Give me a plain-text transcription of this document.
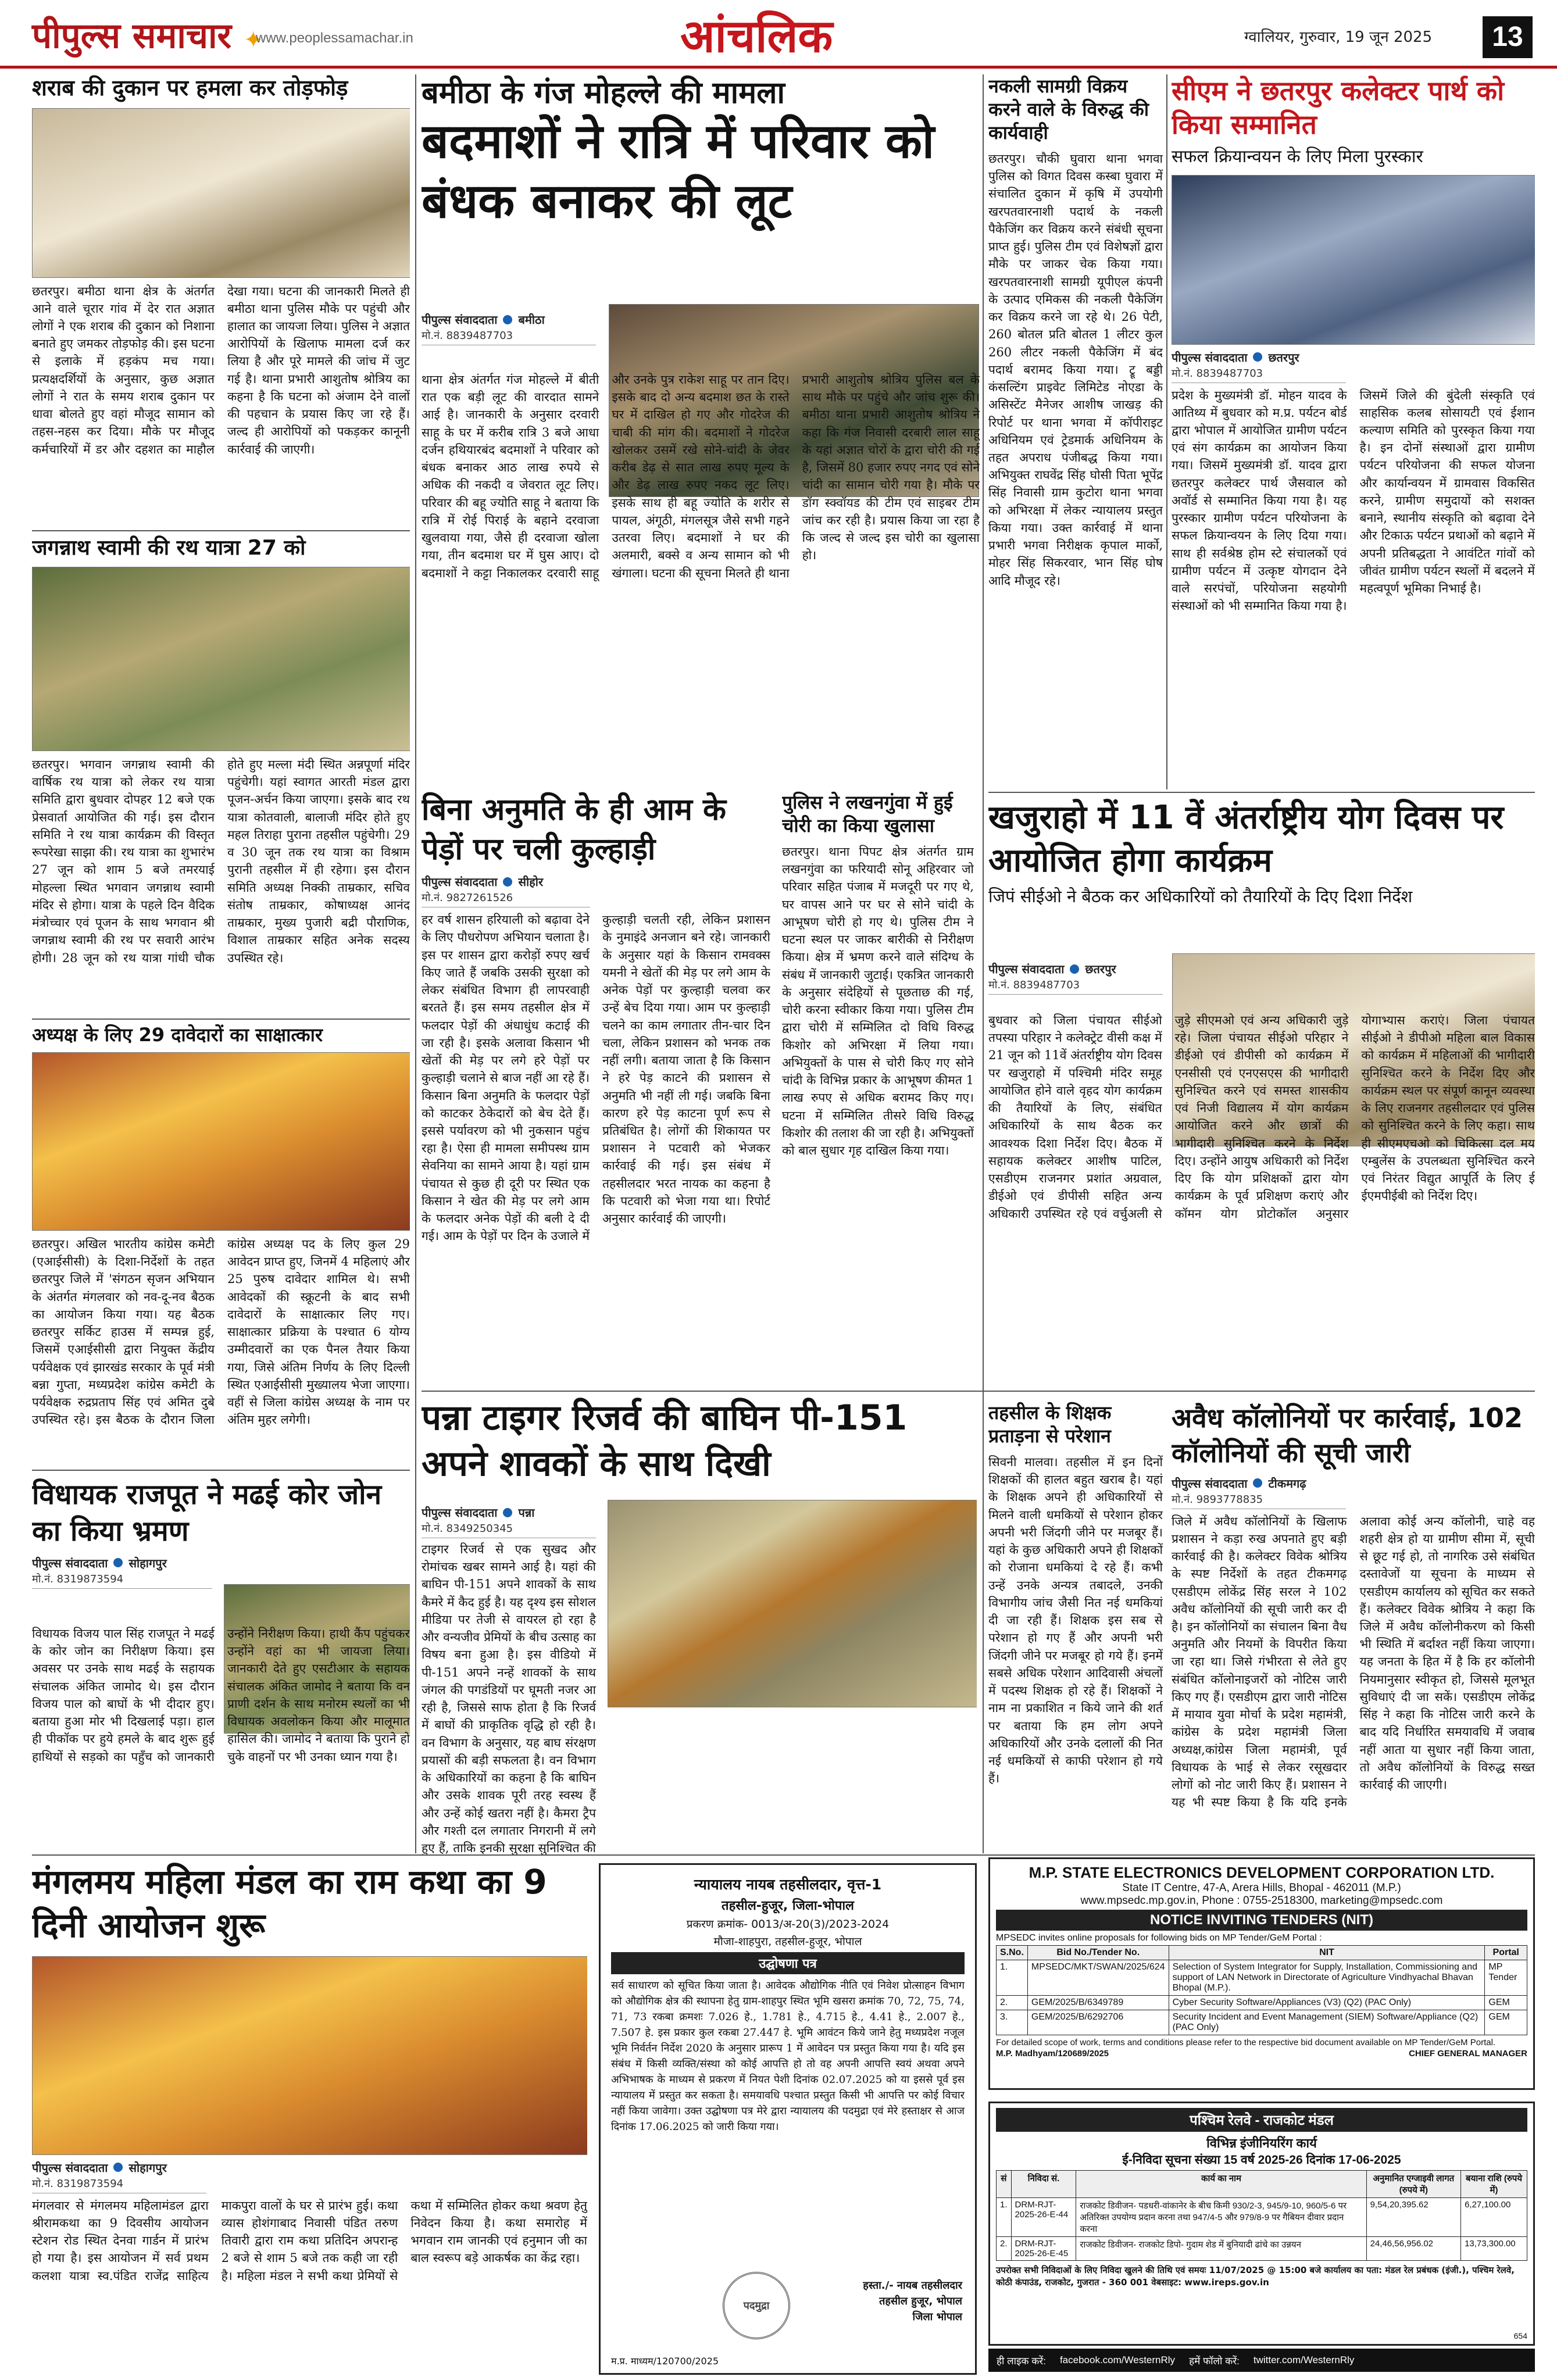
पीपुल्स समाचार ✦
www.peoplessamachar.in	आंचलिक	ग्वालियर, गुरुवार, 19 जून 2025	13
शराब की दुकान पर हमला कर तोड़फोड़
छतरपुर। बमीठा थाना क्षेत्र के अंतर्गत आने वाले चूरार गांव में देर रात अज्ञात लोगों ने एक शराब की दुकान को निशाना बनाते हुए जमकर तोड़फोड़ की। इस घटना से इलाके में हड़कंप मच गया। प्रत्यक्षदर्शियों के अनुसार, कुछ अज्ञात लोगों ने रात के समय शराब दुकान पर धावा बोलते हुए वहां मौजूद सामान को तहस-नहस कर दिया। मौके पर मौजूद कर्मचारियों में डर और दहशत का माहौल देखा गया। घटना की जानकारी मिलते ही बमीठा थाना पुलिस मौके पर पहुंची और हालात का जायजा लिया। पुलिस ने अज्ञात आरोपियों के खिलाफ मामला दर्ज कर लिया है और पूरे मामले की जांच में जुट गई है। थाना प्रभारी आशुतोष श्रोत्रिय का कहना है कि घटना को अंजाम देने वालों की पहचान के प्रयास किए जा रहे हैं। जल्द ही आरोपियों को पकड़कर कानूनी कार्रवाई की जाएगी।
बमीठा के गंज मोहल्ले की मामला
बदमाशों ने रात्रि में परिवार को बंधक बनाकर की लूट
पीपुल्स संवाददाता बमीठा
मो.नं. 8839487703
थाना क्षेत्र अंतर्गत गंज मोहल्ले में बीती रात एक बड़ी लूट की वारदात सामने आई है। जानकारी के अनुसार दरवारी साहू के घर में करीब रात्रि 3 बजे आधा दर्जन हथियारबंद बदमाशों ने परिवार को बंधक बनाकर आठ लाख रुपये से अधिक की नकदी व जेवरात लूट लिए। परिवार की बहू ज्योति साहू ने बताया कि रात्रि में रोई पिराई के बहाने दरवाजा खुलवाया गया, जैसे ही दरवाजा खोला गया, तीन बदमाश घर में घुस आए। दो बदमाशों ने कट्टा निकालकर दरवारी साहू और उनके पुत्र राकेश साहू पर तान दिए। इसके बाद दो अन्य बदमाश छत के रास्ते घर में दाखिल हो गए और गोदरेज की चाबी की मांग की। बदमाशों ने गोदरेज खोलकर उसमें रखे सोने-चांदी के जेवर करीब डेढ़ से सात लाख रुपए मूल्य के और डेढ़ लाख रुपए नकद लूट लिए। इसके साथ ही बहू ज्योति के शरीर से पायल, अंगूठी, मंगलसूत्र जैसे सभी गहने उतरवा लिए। बदमाशों ने घर की अलमारी, बक्से व अन्य सामान को भी खंगाला। घटना की सूचना मिलते ही थाना प्रभारी आशुतोष श्रोत्रिय पुलिस बल के साथ मौके पर पहुंचे और जांच शुरू की। बमीठा थाना प्रभारी आशुतोष श्रोत्रिय ने कहा कि गंज निवासी दरबारी लाल साहू के यहां अज्ञात चोरों के द्वारा चोरी की गई है, जिसमें 80 हजार रुपए नगद एवं सोने चांदी का सामान चोरी गया है। मौके पर डॉग स्क्वॉयड की टीम एवं साइबर टीम जांच कर रही है। प्रयास किया जा रहा है कि जल्द से जल्द इस चोरी का खुलासा हो।
नकली सामग्री विक्रय करने वाले के विरुद्ध की कार्यवाही
छतरपुर। चौकी घुवारा थाना भगवा पुलिस को विगत दिवस कस्बा घुवारा में संचालित दुकान में कृषि में उपयोगी खरपतवारनाशी पदार्थ के नकली पैकेजिंग कर विक्रय करने संबंधी सूचना प्राप्त हुई। पुलिस टीम एवं विशेषज्ञों द्वारा मौके पर जाकर चेक किया गया। खरपतवारनाशी सामग्री यूपीएल कंपनी के उत्पाद एमिकस की नकली पैकेजिंग कर विक्रय करने जा रहे थे। 26 पेटी, 260 बोतल प्रति बोतल 1 लीटर कुल 260 लीटर नकली पैकेजिंग में बंद पदार्थ बरामद किया गया। ट्रू बड्डी कंसल्टिंग प्राइवेट लिमिटेड नोएडा के असिस्टेंट मैनेजर आशीष जाखड़ की रिपोर्ट पर थाना भगवा में कॉपीराइट अधिनियम एवं ट्रेडमार्क अधिनियम के तहत अपराध पंजीबद्ध किया गया। अभियुक्त राघवेंद्र सिंह घोसी पिता भूपेंद्र सिंह निवासी ग्राम कुटोरा थाना भगवा को अभिरक्षा में लेकर न्यायालय प्रस्तुत किया गया। उक्त कार्रवाई में थाना प्रभारी भगवा निरीक्षक कृपाल मार्को, मोहर सिंह सिकरवार, भान सिंह घोष आदि मौजूद रहे।
सीएम ने छतरपुर कलेक्टर पार्थ को किया सम्मानित
सफल क्रियान्वयन के लिए मिला पुरस्कार
पीपुल्स संवाददाता छतरपुर
मो.नं. 8839487703
प्रदेश के मुख्यमंत्री डॉ. मोहन यादव के आतिथ्य में बुधवार को म.प्र. पर्यटन बोर्ड द्वारा भोपाल में आयोजित ग्रामीण पर्यटन एवं संग कार्यक्रम का आयोजन किया गया। जिसमें मुख्यमंत्री डॉ. यादव द्वारा छतरपुर कलेक्टर पार्थ जैसवाल को अवॉर्ड से सम्मानित किया गया है। यह पुरस्कार ग्रामीण पर्यटन परियोजना के सफल क्रियान्वयन के लिए दिया गया। साथ ही सर्वश्रेष्ठ होम स्टे संचालकों एवं ग्रामीण पर्यटन में उत्कृष्ट योगदान देने वाले सरपंचों, परियोजना सहयोगी संस्थाओं को भी सम्मानित किया गया है। जिसमें जिले की बुंदेली संस्कृति एवं साहसिक कलब सोसायटी एवं ईशान कल्याण समिति को पुरस्कृत किया गया है। इन दोनों संस्थाओं द्वारा ग्रामीण पर्यटन परियोजना की सफल योजना और कार्यान्वयन में ग्रामवास विकसित करने, ग्रामीण समुदायों को सशक्त बनाने, स्थानीय संस्कृति को बढ़ावा देने और टिकाऊ पर्यटन प्रथाओं को बढ़ाने में अपनी प्रतिबद्धता ने आवंटित गांवों को जीवंत ग्रामीण पर्यटन स्थलों में बदलने में महत्वपूर्ण भूमिका निभाई है।
जगन्नाथ स्वामी की रथ यात्रा 27 को
छतरपुर। भगवान जगन्नाथ स्वामी की वार्षिक रथ यात्रा को लेकर रथ यात्रा समिति द्वारा बुधवार दोपहर 12 बजे एक प्रेसवार्ता आयोजित की गई। इस दौरान समिति ने रथ यात्रा कार्यक्रम की विस्तृत रूपरेखा साझा की। रथ यात्रा का शुभारंभ 27 जून को शाम 5 बजे तमरयाई मोहल्ला स्थित भगवान जगन्नाथ स्वामी मंदिर से होगा। यात्रा के पहले दिन वैदिक मंत्रोच्चार एवं पूजन के साथ भगवान श्री जगन्नाथ स्वामी की रथ पर सवारी आरंभ होगी। 28 जून को रथ यात्रा गांधी चौक होते हुए मल्ला मंदी स्थित अन्नपूर्णा मंदिर पहुंचेगी। यहां स्वागत आरती मंडल द्वारा पूजन-अर्चन किया जाएगा। इसके बाद रथ यात्रा कोतवाली, बालाजी मंदिर होते हुए महल तिराहा पुराना तहसील पहुंचेगी। 29 व 30 जून तक रथ यात्रा का विश्राम पुरानी तहसील में ही रहेगा। इस दौरान समिति अध्यक्ष निक्की ताम्रकार, सचिव संतोष ताम्रकार, कोषाध्यक्ष आनंद ताम्रकार, मुख्य पुजारी बद्री पौराणिक, विशाल ताम्रकार सहित अनेक सदस्य उपस्थित रहे।
बिना अनुमति के ही आम के पेड़ों पर चली कुल्हाड़ी
पीपुल्स संवाददाता सीहोर
मो.नं. 9827261526
हर वर्ष शासन हरियाली को बढ़ावा देने के लिए पौधरोपण अभियान चलाता है। इस पर शासन द्वारा करोड़ों रुपए खर्च किए जाते हैं जबकि उसकी सुरक्षा को लेकर संबंधित विभाग ही लापरवाही बरतते हैं। इस समय तहसील क्षेत्र में फलदार पेड़ों की अंधाधुंध कटाई की जा रही है। इसके अलावा किसान भी खेतों की मेड़ पर लगे हरे पेड़ों पर कुल्हाड़ी चलाने से बाज नहीं आ रहे हैं। किसान बिना अनुमति के फलदार पेड़ों को काटकर ठेकेदारों को बेच देते हैं। इससे पर्यावरण को भी नुकसान पहुंच रहा है। ऐसा ही मामला समीपस्थ ग्राम सेवनिया का सामने आया है। यहां ग्राम पंचायत से कुछ ही दूरी पर स्थित एक किसान ने खेत की मेड़ पर लगे आम के फलदार अनेक पेड़ों की बली दे दी गई। आम के पेड़ों पर दिन के उजाले में कुल्हाड़ी चलती रही, लेकिन प्रशासन के नुमाइंदे अनजान बने रहे। जानकारी के अनुसार यहां के किसान रामवक्स यमनी ने खेतों की मेड़ पर लगे आम के अनेक पेड़ों पर कुल्हाड़ी चलवा कर उन्हें बेच दिया गया। आम पर कुल्हाड़ी चलने का काम लगातार तीन-चार दिन चला, लेकिन प्रशासन को भनक तक नहीं लगी। बताया जाता है कि किसान ने हरे पेड़ काटने की प्रशासन से अनुमति भी नहीं ली गई। जबकि बिना कारण हरे पेड़ काटना पूर्ण रूप से प्रतिबंधित है। लोगों की शिकायत पर प्रशासन ने पटवारी को भेजकर कार्रवाई की गई। इस संबंध में तहसीलदार भरत नायक का कहना है कि पटवारी को भेजा गया था। रिपोर्ट अनुसार कार्रवाई की जाएगी।
पुलिस ने लखनगुंवा में हुई चोरी का किया खुलासा
छतरपुर। थाना पिपट क्षेत्र अंतर्गत ग्राम लखनगुंवा का फरियादी सोनू अहिरवार जो परिवार सहित पंजाब में मजदूरी पर गए थे, घर वापस आने पर घर से सोने चांदी के आभूषण चोरी हो गए थे। पुलिस टीम ने घटना स्थल पर जाकर बारीकी से निरीक्षण किया। क्षेत्र में भ्रमण करने वाले संदिग्ध के संबंध में जानकारी जुटाई। एकत्रित जानकारी के अनुसार संदेहियों से पूछताछ की गई, चोरी करना स्वीकार किया गया। पुलिस टीम द्वारा चोरी में सम्मिलित दो विधि विरुद्ध किशोर को अभिरक्षा में लिया गया। अभियुक्तों के पास से चोरी किए गए सोने चांदी के विभिन्न प्रकार के आभूषण कीमत 1 लाख रुपए से अधिक बरामद किए गए। घटना में सम्मिलित तीसरे विधि विरुद्ध किशोर की तलाश की जा रही है। अभियुक्तों को बाल सुधार गृह दाखिल किया गया।
खजुराहो में 11 वें अंतर्राष्ट्रीय योग दिवस पर आयोजित होगा कार्यक्रम
जिपं सीईओ ने बैठक कर अधिकारियों को तैयारियों के दिए दिशा निर्देश
पीपुल्स संवाददाता छतरपुर
मो.नं. 8839487703
बुधवार को जिला पंचायत सीईओ तपस्या परिहार ने कलेक्ट्रेट वीसी कक्ष में 21 जून को 11वें अंतर्राष्ट्रीय योग दिवस पर खजुराहो में पश्चिमी मंदिर समूह आयोजित होने वाले वृहद योग कार्यक्रम की तैयारियों के लिए, संबंधित अधिकारियों के साथ बैठक कर आवश्यक दिशा निर्देश दिए। बैठक में सहायक कलेक्टर आशीष पाटिल, एसडीएम राजनगर प्रशांत अग्रवाल, डीईओ एवं डीपीसी सहित अन्य अधिकारी उपस्थित रहे एवं वर्चुअली से जुड़े सीएमओ एवं अन्य अधिकारी जुड़े रहे। जिला पंचायत सीईओ परिहार ने डीईओ एवं डीपीसी को कार्यक्रम में एनसीसी एवं एनएसएस की भागीदारी सुनिश्चित करने एवं समस्त शासकीय एवं निजी विद्यालय में योग कार्यक्रम आयोजित करने और छात्रों की भागीदारी सुनिश्चित करने के निर्देश दिए। उन्होंने आयुष अधिकारी को निर्देश दिए कि योग प्रशिक्षकों द्वारा योग कार्यक्रम के पूर्व प्रशिक्षण कराएं और कॉमन योग प्रोटोकॉल अनुसार योगाभ्यास कराएं। जिला पंचायत सीईओ ने डीपीओ महिला बाल विकास को कार्यक्रम में महिलाओं की भागीदारी सुनिश्चित करने के निर्देश दिए और कार्यक्रम स्थल पर संपूर्ण कानून व्यवस्था के लिए राजनगर तहसीलदार एवं पुलिस को सुनिश्चित करने के लिए कहा। साथ ही सीएमएचओ को चिकित्सा दल मय एम्बुलेंस के उपलब्धता सुनिश्चित करने एवं निरंतर विद्युत आपूर्ति के लिए ई ईएमपीईबी को निर्देश दिए।
अध्यक्ष के लिए 29 दावेदारों का साक्षात्कार
छतरपुर। अखिल भारतीय कांग्रेस कमेटी (एआईसीसी) के दिशा-निर्देशों के तहत छतरपुर जिले में 'संगठन सृजन अभियान के अंतर्गत मंगलवार को नव-दू-नव बैठक का आयोजन किया गया। यह बैठक छतरपुर सर्किट हाउस में सम्पन्न हुई, जिसमें एआईसीसी द्वारा नियुक्त केंद्रीय पर्यवेक्षक एवं झारखंड सरकार के पूर्व मंत्री बन्ना गुप्ता, मध्यप्रदेश कांग्रेस कमेटी के पर्यवेक्षक रुद्रप्रताप सिंह एवं अमित दुबे उपस्थित रहे। इस बैठक के दौरान जिला कांग्रेस अध्यक्ष पद के लिए कुल 29 आवेदन प्राप्त हुए, जिनमें 4 महिलाएं और 25 पुरुष दावेदार शामिल थे। सभी आवेदकों की स्क्रूटनी के बाद सभी दावेदारों के साक्षात्कार लिए गए। साक्षात्कार प्रक्रिया के पश्चात 6 योग्य उम्मीदवारों का एक पैनल तैयार किया गया, जिसे अंतिम निर्णय के लिए दिल्ली स्थित एआईसीसी मुख्यालय भेजा जाएगा। वहीं से जिला कांग्रेस अध्यक्ष के नाम पर अंतिम मुहर लगेगी।	पन्ना टाइगर रिजर्व की बाघिन पी-151 अपने शावकों के साथ दिखी
पीपुल्स संवाददाता पन्ना
मो.नं. 8349250345
टाइगर रिजर्व से एक सुखद और रोमांचक खबर सामने आई है। यहां की बाघिन पी-151 अपने शावकों के साथ कैमरे में कैद हुई है। यह दृश्य इस सोशल मीडिया पर तेजी से वायरल हो रहा है और वन्यजीव प्रेमियों के बीच उत्साह का विषय बना हुआ है। इस वीडियो में पी-151 अपने नन्हें शावकों के साथ जंगल की पगडंडियों पर घूमती नजर आ रही है, जिससे साफ होता है कि रिजर्व में बाघों की प्राकृतिक वृद्धि हो रही है। वन विभाग के अनुसार, यह बाघ संरक्षण प्रयासों की बड़ी सफलता है। वन विभाग के अधिकारियों का कहना है कि बाघिन और उसके शावक पूरी तरह स्वस्थ हैं और उन्हें कोई खतरा नहीं है। कैमरा ट्रैप और गश्ती दल लगातार निगरानी में लगे हुए हैं, ताकि इनकी सुरक्षा सुनिश्चित की
तहसील के शिक्षक प्रताड़ना से परेशान
सिवनी मालवा। तहसील में इन दिनों शिक्षकों की हालत बहुत खराब है। यहां के शिक्षक अपने ही अधिकारियों से मिलने वाली धमकियों से परेशान होकर अपनी भरी जिंदगी जीने पर मजबूर हैं। यहां के कुछ अधिकारी अपने ही शिक्षकों को रोजाना धमकियां दे रहे हैं। कभी उन्हें उनके अन्यत्र तबादले, उनकी विभागीय जांच जैसी नित नई धमकियां दी जा रही हैं। शिक्षक इस सब से परेशान हो गए हैं और अपनी भरी जिंदगी जीने पर मजबूर हो गये हैं। इनमें सबसे अधिक परेशान आदिवासी अंचलों में पदस्थ शिक्षक हो रहे हैं। शिक्षकों ने नाम ना प्रकाशित न किये जाने की शर्त पर बताया कि हम लोग अपने अधिकारियों और उनके दलालों की नित नई धमकियों से काफी परेशान हो गये हैं।
अवैध कॉलोनियों पर कार्रवाई, 102 कॉलोनियों की सूची जारी
पीपुल्स संवाददाता टीकमगढ़
मो.नं. 9893778835
जिले में अवैध कॉलोनियों के खिलाफ प्रशासन ने कड़ा रुख अपनाते हुए बड़ी कार्रवाई की है। कलेक्टर विवेक श्रोत्रिय के स्पष्ट निर्देशों के तहत टीकमगढ़ एसडीएम लोकेंद्र सिंह सरल ने 102 अवैध कॉलोनियों की सूची जारी कर दी है। इन कॉलोनियों का संचालन बिना वैध अनुमति और नियमों के विपरीत किया जा रहा था। जिसे गंभीरता से लेते हुए संबंधित कॉलोनाइजरों को नोटिस जारी किए गए हैं। एसडीएम द्वारा जारी नोटिस में मायाव युवा मोर्चा के प्रदेश महामंत्री, कांग्रेस के प्रदेश महामंत्री जिला अध्यक्ष,कांग्रेस जिला महामंत्री, पूर्व विधायक के भाई से लेकर रसूखदार लोगों को नोट जारी किए हैं। प्रशासन ने यह भी स्पष्ट किया है कि यदि इनके अलावा कोई अन्य कॉलोनी, चाहे वह शहरी क्षेत्र हो या ग्रामीण सीमा में, सूची से छूट गई हो, तो नागरिक उसे संबंधित दस्तावेजों या सूचना के माध्यम से एसडीएम कार्यालय को सूचित कर सकते हैं। कलेक्टर विवेक श्रोत्रिय ने कहा कि जिले में अवैध कॉलोनीकरण को किसी भी स्थिति में बर्दाश्त नहीं किया जाएगा। यह जनता के हित में है कि हर कॉलोनी नियमानुसार स्वीकृत हो, जिससे मूलभूत सुविधाएं दी जा सकें। एसडीएम लोकेंद्र सिंह ने कहा कि नोटिस जारी करने के बाद यदि निर्धारित समयावधि में जवाब नहीं आता या सुधार नहीं किया जाता, तो अवैध कॉलोनियों के विरुद्ध सख्त कार्रवाई की जाएगी।
विधायक राजपूत ने मढई कोर जोन का किया भ्रमण
पीपुल्स संवाददाता सोहागपुर
मो.नं. 8319873594
विधायक विजय पाल सिंह राजपूत ने मढई के कोर जोन का निरीक्षण किया। इस अवसर पर उनके साथ मढई के सहायक संचालक अंकित जामोद थे। इस दौरान विजय पाल को बाघों के भी दीदार हुए। बताया हुआ मोर भी दिखलाई पड़ा। हाल ही पीकॉक पर हुये हमले के बाद शुरू हुई हाथियों से सड़को का पहुँच को जानकारी उन्होंने निरीक्षण किया। हाथी कैंप पहुंचकर उन्होंने वहां का भी जायजा लिया। जानकारी देते हुए एसटीआर के सहायक संचालक अंकित जामोद ने बताया कि वन प्राणी दर्शन के साथ मनोरम स्थलों का भी विधायक अवलोकन किया और मालूमात हासिल की। जामोद ने बताया कि पुराने हो चुके वाहनों पर भी उनका ध्यान गया है।
मंगलमय महिला मंडल का राम कथा का 9 दिनी आयोजन शुरू
पीपुल्स संवाददाता सोहागपुर
मो.नं. 8319873594
मंगलवार से मंगलमय महिलामंडल द्वारा श्रीरामकथा का 9 दिवसीय आयोजन स्टेशन रोड स्थित देनवा गार्डन में प्रारंभ हो गया है। इस आयोजन में सर्व प्रथम कलशा यात्रा स्व.पंडित राजेंद्र साहित्य माकपुरा वालों के घर से प्रारंभ हुई। कथा व्यास होशंगाबाद निवासी पंडित तरुण तिवारी द्वारा राम कथा प्रतिदिन अपरान्ह 2 बजे से शाम 5 बजे तक कही जा रही है। महिला मंडल ने सभी कथा प्रेमियों से कथा में सम्मिलित होकर कथा श्रवण हेतु निवेदन किया है। कथा समारोह में भगवान राम जानकी एवं हनुमान जी का बाल स्वरूप बड़े आकर्षक का केंद्र रहा।
न्यायालय नायब तहसीलदार, वृत्त-1
तहसील-हुजूर, जिला-भोपाल
प्रकरण क्रमांक- 0013/अ-20(3)/2023-2024
मौजा-शाहपुरा, तहसील-हुजूर, भोपाल
उद्घोषणा पत्र
सर्व साधारण को सूचित किया जाता है। आवेदक औद्योगिक नीति एवं निवेश प्रोत्साहन विभाग को औद्योगिक क्षेत्र की स्थापना हेतु ग्राम-शाहपुर स्थित भूमि खसरा क्रमांक 70, 72, 75, 74, 71, 73 रकबा क्रमशः 7.026 हे., 1.781 हे., 4.715 हे., 4.41 हे., 2.007 हे., 7.507 हे. इस प्रकार कुल रकबा 27.447 हे. भूमि आवंटन किये जाने हेतु मध्यप्रदेश नजूल भूमि निर्वर्तन निर्देश 2020 के अनुसार प्रारूप 1 में आवेदन पत्र प्रस्तुत किया गया है। यदि इस संबंध में किसी व्यक्ति/संस्था को कोई आपत्ति हो तो वह अपनी आपत्ति स्वयं अथवा अपने अभिभाषक के माध्यम से प्रकरण में नियत पेशी दिनांक 02.07.2025 को या इससे पूर्व इस न्यायालय में प्रस्तुत कर सकता है। समयावधि पश्चात प्रस्तुत किसी भी आपत्ति पर कोई विचार नहीं किया जावेगा। उक्त उद्घोषणा पत्र मेरे द्वारा न्यायालय की पदमुद्रा एवं मेरे हस्ताक्षर से आज दिनांक 17.06.2025 को जारी किया गया।
पदमुद्रा
हस्ता./- नायब तहसीलदार
तहसील हुजूर, भोपाल
जिला भोपाल
म.प्र. माध्यम/120700/2025
M.P. STATE ELECTRONICS DEVELOPMENT CORPORATION LTD.
State IT Centre, 47-A, Arera Hills, Bhopal - 462011 (M.P.)
www.mpsedc.mp.gov.in, Phone : 0755-2518300, marketing@mpsedc.com
NOTICE INVITING TENDERS (NIT)
MPSEDC invites online proposals for following bids on MP Tender/GeM Portal :
S.No.	Bid No./Tender No.	NIT	Portal
1.	MPSEDC/MKT/SWAN/2025/624	Selection of System Integrator for Supply, Installation, Commissioning and support of LAN Network in Directorate of Agriculture Vindhyachal Bhavan Bhopal (M.P.).	MP Tender
2.	GEM/2025/B/6349789	Cyber Security Software/Appliances (V3) (Q2) (PAC Only)	GEM
3.	GEM/2025/B/6292706	Security Incident and Event Management (SIEM) Software/Appliance (Q2) (PAC Only)	GEM
For detailed scope of work, terms and conditions please refer to the respective bid document available on MP Tender/GeM Portal.
M.P. Madhyam/120689/2025	CHIEF GENERAL MANAGER
पश्चिम रेलवे - राजकोट मंडल
विभिन्न इंजीनियरिंग कार्य
ई-निविदा सूचना संख्या 15 वर्ष 2025-26 दिनांक 17-06-2025
सं	निविदा सं.	कार्य का नाम	अनुमानित एग्जाइवी लागत (रुपये में)	बयाना राशि (रुपये में)
1.	DRM-RJT-2025-26-E-44	राजकोट डिवीजन- पडधरी-वांकानेर के बीच किमी 930/2-3, 945/9-10, 960/5-6 पर अतिरिक्त उपयोग्य प्रदान करना तथा 947/4-5 और 979/8-9 पर गैबियन दीवार प्रदान करना	9,54,20,395.62	6,27,100.00
2.	DRM-RJT-2025-26-E-45	राजकोट डिवीजन- राजकोट डिपो- गुदाम शेड में बुनियादी ढांचे का उन्नयन	24,46,56,956.02	13,73,300.00
उपरोक्त सभी निविदाओं के लिए निविदा खुलने की तिथि एवं समयः 11/07/2025 @ 15:00 बजे कार्यालय का पता: मंडल रेल प्रबंधक (इंजी.), पश्चिम रेलवे, कोठी कंपाउंड, राजकोट, गुजरात - 360 001 वेबसाइट: www.ireps.gov.in
654
ही लाइक करें: facebook.com/WesternRly हमें फॉलो करें: twitter.com/WesternRly
